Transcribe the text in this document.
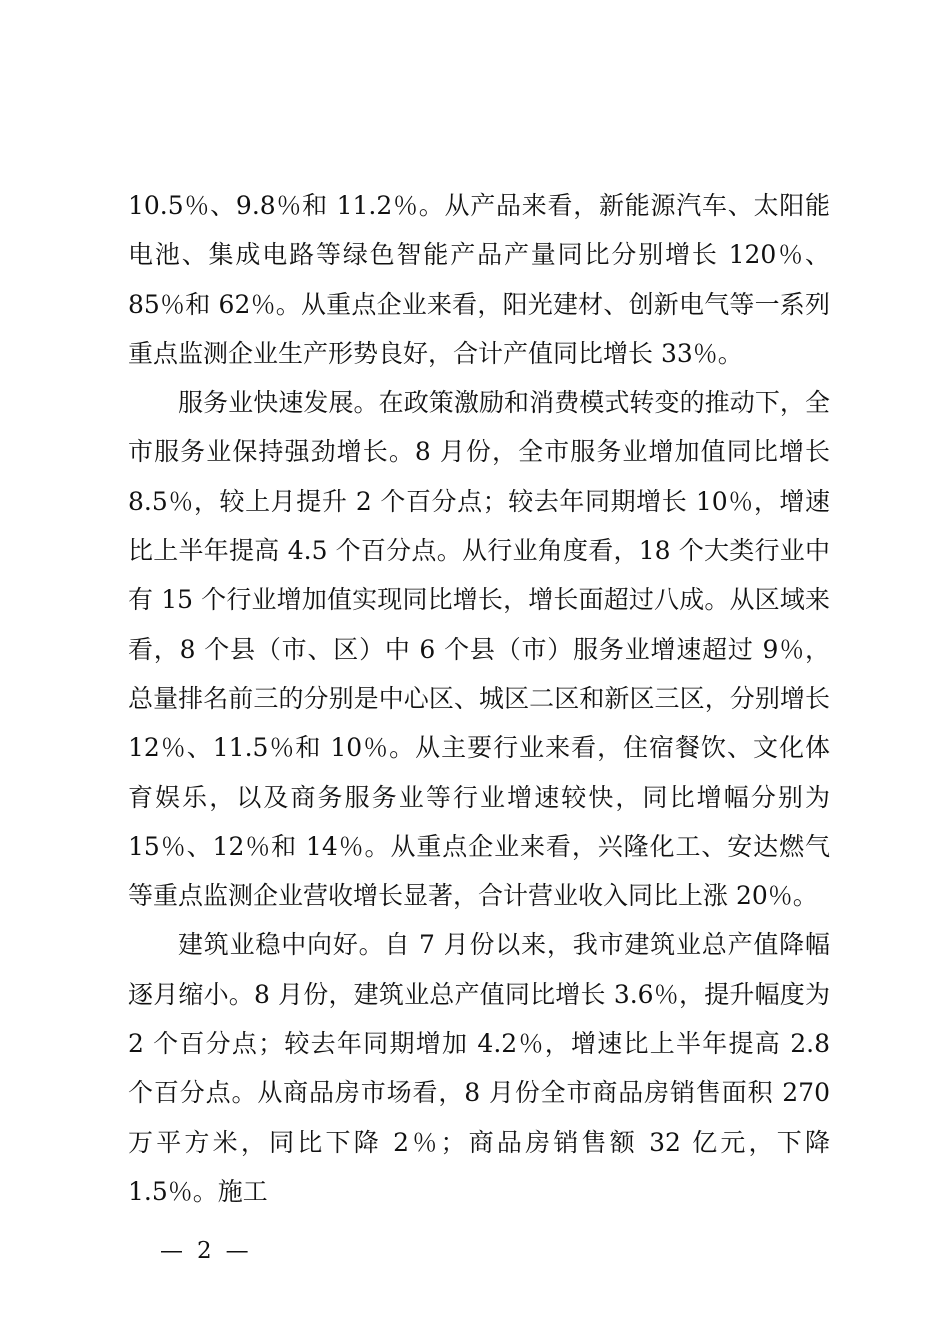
10.5％、9.8％和 11.2％。从产品来看，新能源汽车、太阳能电池、集成电路等绿色智能产品产量同比分别增长 120％、85％和 62％。从重点企业来看，阳光建材、创新电气等一系列重点监测企业生产形势良好，合计产值同比增长 33％。

服务业快速发展。在政策激励和消费模式转变的推动下，全市服务业保持强劲增长。8 月份，全市服务业增加值同比增长 8.5％，较上月提升 2 个百分点；较去年同期增长 10％，增速比上半年提高 4.5 个百分点。从行业角度看，18 个大类行业中有 15 个行业增加值实现同比增长，增长面超过八成。从区域来看，8 个县（市、区）中 6 个县（市）服务业增速超过 9％，总量排名前三的分别是中心区、城区二区和新区三区，分别增长 12％、11.5％和 10％。从主要行业来看，住宿餐饮、文化体育娱乐，以及商务服务业等行业增速较快，同比增幅分别为 15％、12％和 14％。从重点企业来看，兴隆化工、安达燃气等重点监测企业营收增长显著，合计营业收入同比上涨 20％。

建筑业稳中向好。自 7 月份以来，我市建筑业总产值降幅逐月缩小。8 月份，建筑业总产值同比增长 3.6％，提升幅度为 2 个百分点；较去年同期增加 4.2％，增速比上半年提高 2.8 个百分点。从商品房市场看，8 月份全市商品房销售面积 270 万平方米，同比下降 2％；商品房销售额 32 亿元，下降 1.5％。施工

— 2 —
